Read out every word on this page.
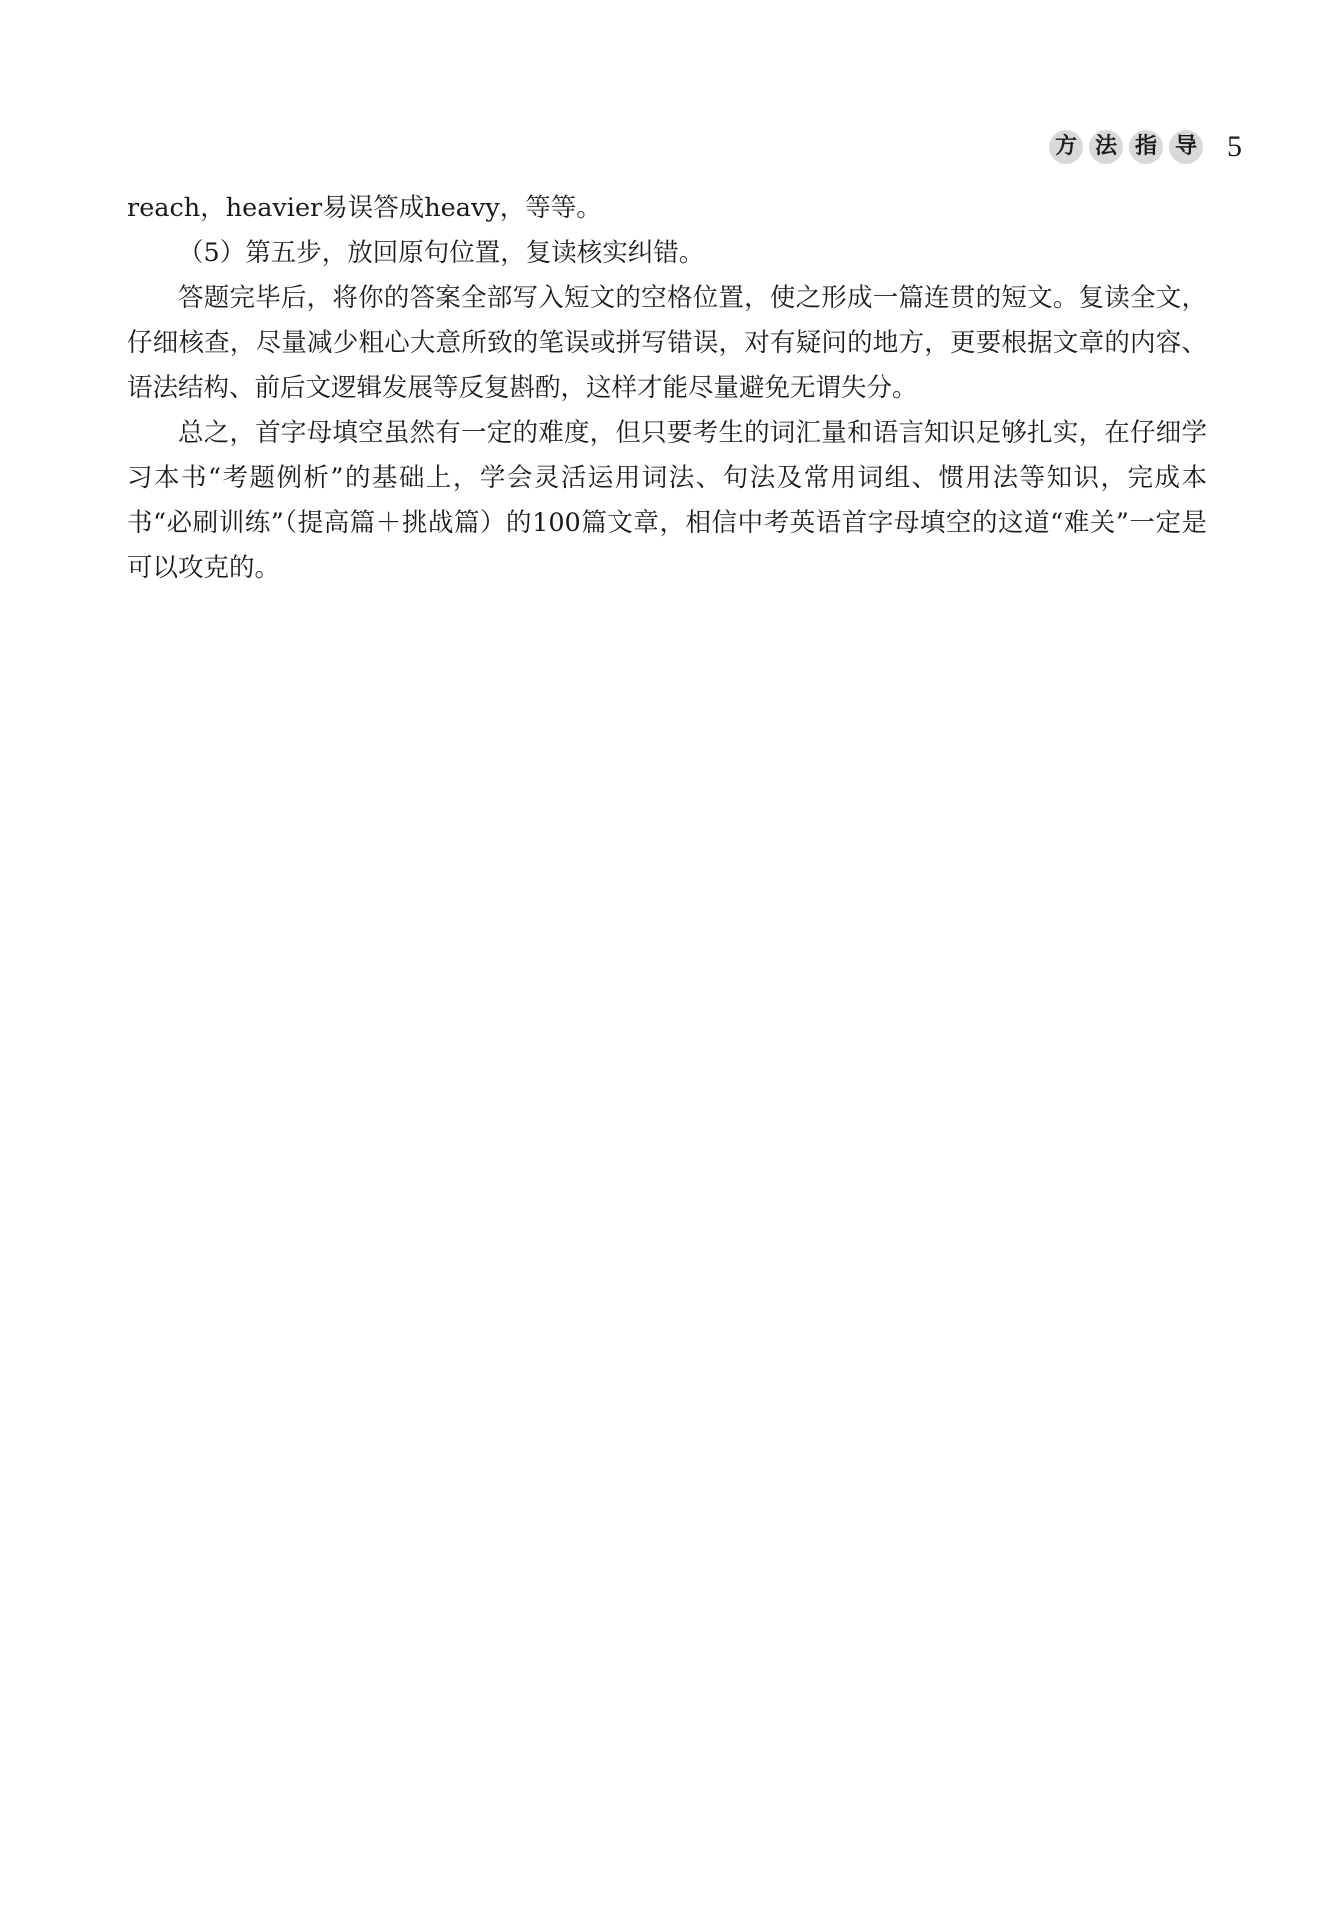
方 法 指 导 5

reach，heavier易误答成heavy，等等。

（5）第五步，放回原句位置，复读核实纠错。

答题完毕后，将你的答案全部写入短文的空格位置，使之形成一篇连贯的短文。复读全文，仔细核查，尽量减少粗心大意所致的笔误或拼写错误，对有疑问的地方，更要根据文章的内容、语法结构、前后文逻辑发展等反复斟酌，这样才能尽量避免无谓失分。

总之，首字母填空虽然有一定的难度，但只要考生的词汇量和语言知识足够扎实，在仔细学习本书“考题例析”的基础上，学会灵活运用词法、句法及常用词组、惯用法等知识，完成本书“必刷训练”（提高篇＋挑战篇）的100篇文章，相信中考英语首字母填空的这道“难关”一定是可以攻克的。
